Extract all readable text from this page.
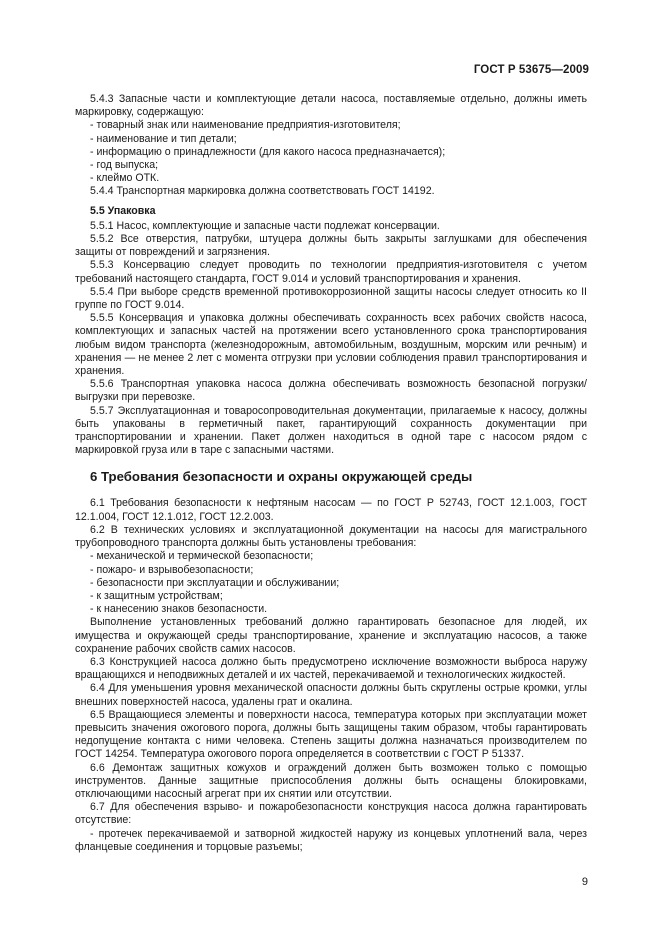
ГОСТ Р 53675—2009

5.4.3 Запасные части и комплектующие детали насоса, поставляемые отдельно, должны иметь маркировку, содержащую:

- товарный знак или наименование предприятия-изготовителя;

- наименование и тип детали;

- информацию о принадлежности (для какого насоса предназначается);

- год выпуска;

- клеймо ОТК.

5.4.4 Транспортная маркировка должна соответствовать ГОСТ 14192.

5.5 Упаковка

5.5.1 Насос, комплектующие и запасные части подлежат консервации.

5.5.2 Все отверстия, патрубки, штуцера должны быть закрыты заглушками для обеспечения защиты от повреждений и загрязнения.

5.5.3 Консервацию следует проводить по технологии предприятия-изготовителя с учетом требований настоящего стандарта, ГОСТ 9.014 и условий транспортирования и хранения.

5.5.4 При выборе средств временной противокоррозионной защиты насосы следует относить ко II группе по ГОСТ 9.014.

5.5.5 Консервация и упаковка должны обеспечивать сохранность всех рабочих свойств насоса, комплектующих и запасных частей на протяжении всего установленного срока транспортирования любым видом транспорта (железнодорожным, автомобильным, воздушным, морским или речным) и хранения — не менее 2 лет с момента отгрузки при условии соблюдения правил транспортирования и хранения.

5.5.6 Транспортная упаковка насоса должна обеспечивать возможность безопасной погрузки/выгрузки при перевозке.

5.5.7 Эксплуатационная и товаросопроводительная документации, прилагаемые к насосу, должны быть упакованы в герметичный пакет, гарантирующий сохранность документации при транспортировании и хранении. Пакет должен находиться в одной таре с насосом рядом с маркировкой груза или в таре с запасными частями.

6 Требования безопасности и охраны окружающей среды

6.1 Требования безопасности к нефтяным насосам — по ГОСТ Р 52743, ГОСТ 12.1.003, ГОСТ 12.1.004, ГОСТ 12.1.012, ГОСТ 12.2.003.

6.2 В технических условиях и эксплуатационной документации на насосы для магистрального трубопроводного транспорта должны быть установлены требования:

- механической и термической безопасности;

- пожаро- и взрывобезопасности;

- безопасности при эксплуатации и обслуживании;

- к защитным устройствам;

- к нанесению знаков безопасности.

Выполнение установленных требований должно гарантировать безопасное для людей, их имущества и окружающей среды транспортирование, хранение и эксплуатацию насосов, а также сохранение рабочих свойств самих насосов.

6.3 Конструкцией насоса должно быть предусмотрено исключение возможности выброса наружу вращающихся и неподвижных деталей и их частей, перекачиваемой и технологических жидкостей.

6.4 Для уменьшения уровня механической опасности должны быть скруглены острые кромки, углы внешних поверхностей насоса, удалены грат и окалина.

6.5 Вращающиеся элементы и поверхности насоса, температура которых при эксплуатации может превысить значения ожогового порога, должны быть защищены таким образом, чтобы гарантировать недопущение контакта с ними человека. Степень защиты должна назначаться производителем по ГОСТ 14254. Температура ожогового порога определяется в соответствии с ГОСТ Р 51337.

6.6 Демонтаж защитных кожухов и ограждений должен быть возможен только с помощью инструментов. Данные защитные приспособления должны быть оснащены блокировками, отключающими насосный агрегат при их снятии или отсутствии.

6.7 Для обеспечения взрыво- и пожаробезопасности конструкция насоса должна гарантировать отсутствие:

- протечек перекачиваемой и затворной жидкостей наружу из концевых уплотнений вала, через фланцевые соединения и торцовые разъемы;

9
